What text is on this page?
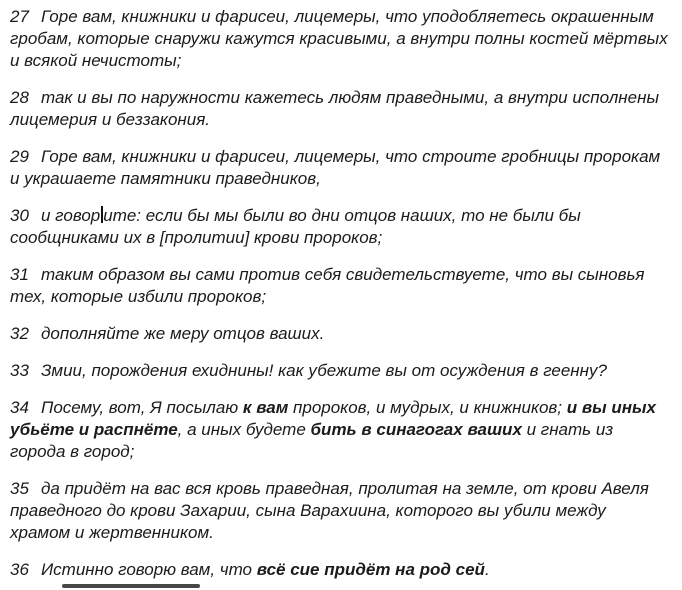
27 Горе вам, книжники и фарисеи, лицемеры, что уподобляетесь окрашенным гробам, которые снаружи кажутся красивыми, а внутри полны костей мёртвых и всякой нечистоты;

28 так и вы по наружности кажетесь людям праведными, а внутри исполнены лицемерия и беззакония.

29 Горе вам, книжники и фарисеи, лицемеры, что строите гробницы пророкам и украшаете памятники праведников,

30 и говор ите: если бы мы были во дни отцов наших, то не были бы сообщниками их в [пролитии] крови пророков;

31 таким образом вы сами против себя свидетельствуете, что вы сыновья тех, которые избили пророков;

32 дополняйте же меру отцов ваших.

33 Змии, порождения ехиднины! как убежите вы от осуждения в геенну?

34 Посему, вот, Я посылаю к вам пророков, и мудрых, и книжников; и вы иных убьёте и распнёте, а иных будете бить в синагогах ваших и гнать из города в город;

35 да придёт на вас вся кровь праведная, пролитая на земле, от крови Авеля праведного до крови Захарии, сына Варахиина, которого вы убили между храмом и жертвенником.

36 Истинно говорю вам, что всё сие придёт на род сей.
